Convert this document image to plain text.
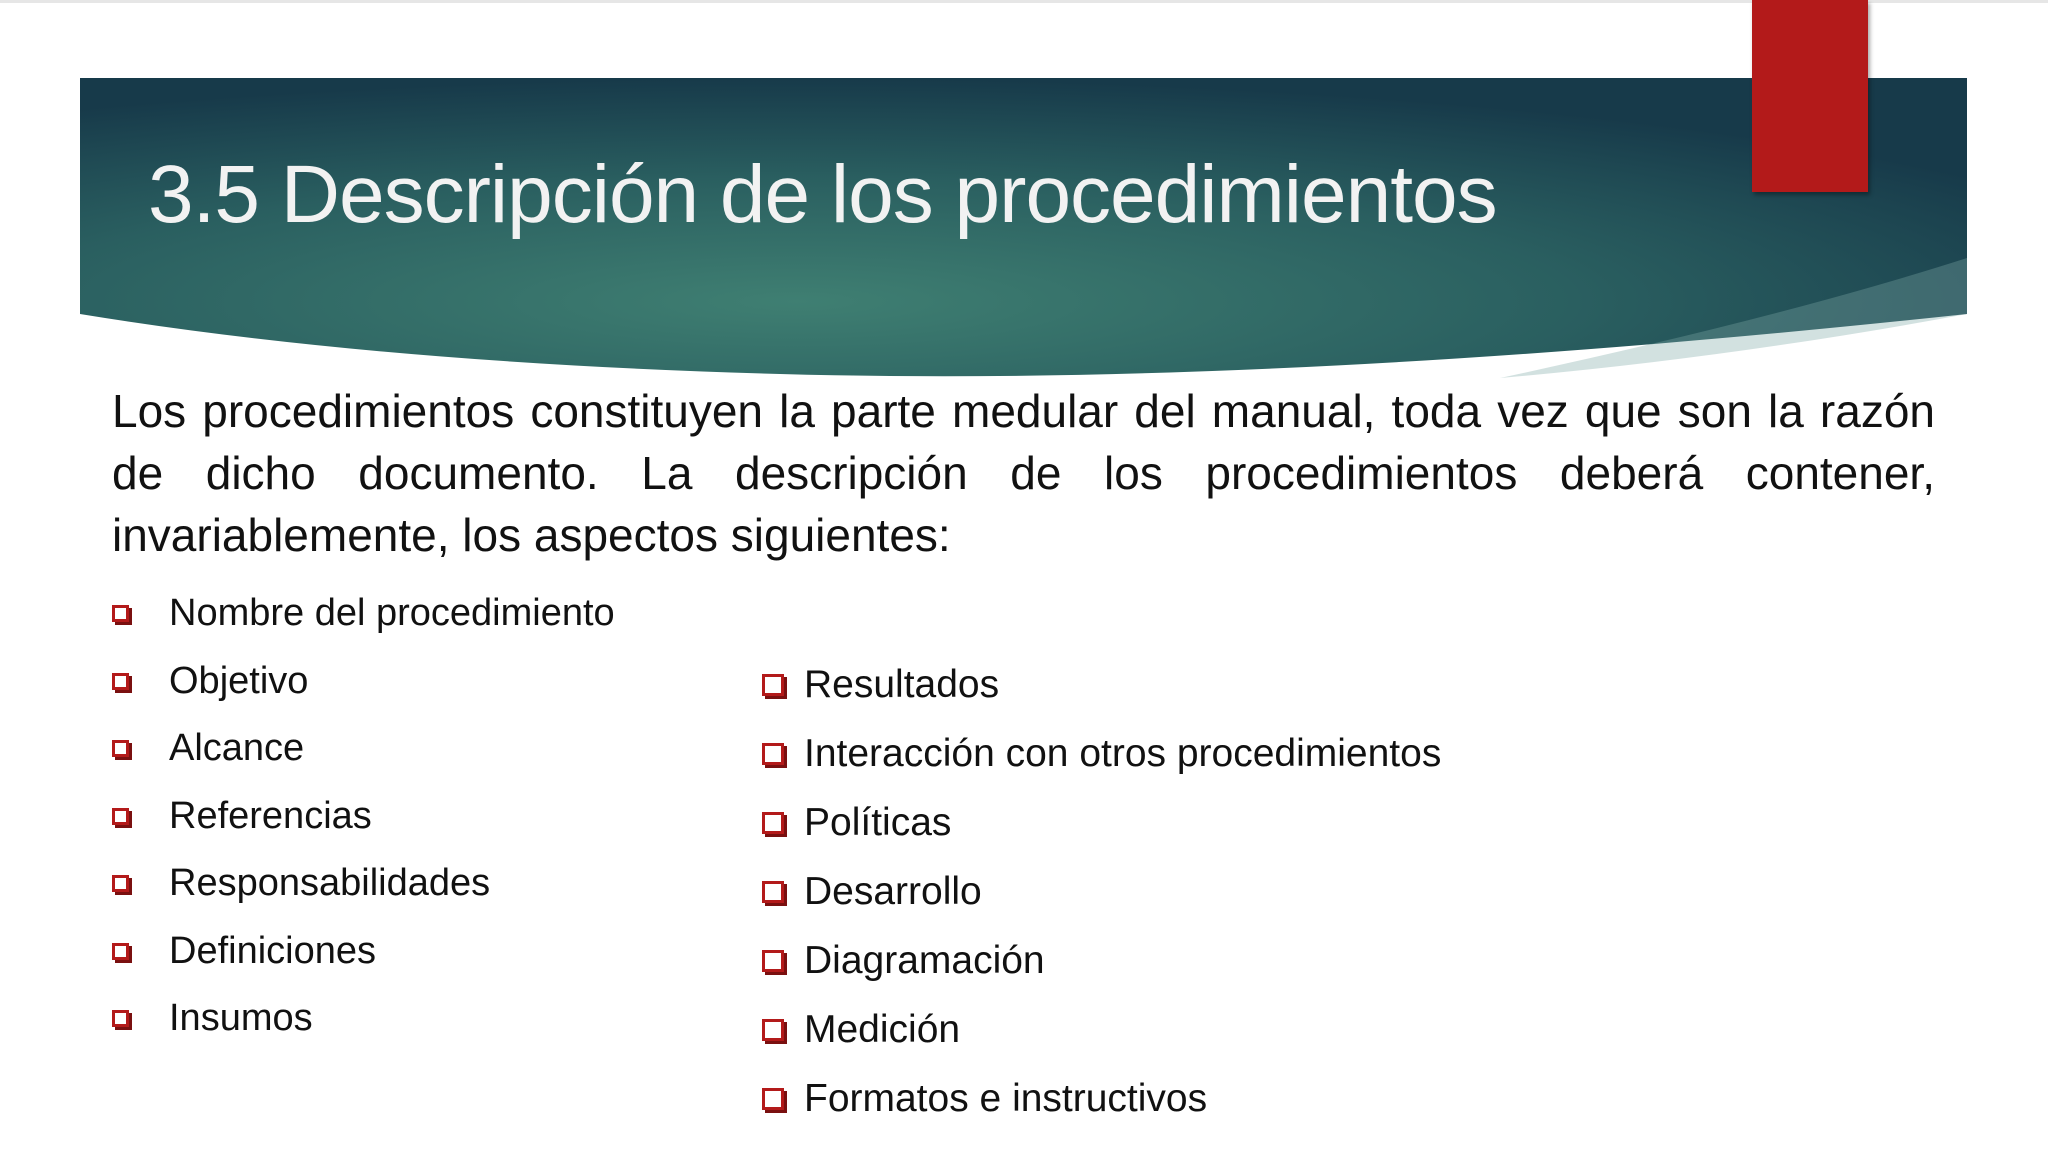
3.5 Descripción de los procedimientos

Los procedimientos constituyen la parte medular del manual, toda vez que son la razón de dicho documento. La descripción de los procedimientos deberá contener, invariablemente, los aspectos siguientes:

Nombre del procedimiento
Objetivo
Alcance
Referencias
Responsabilidades
Definiciones
Insumos
Resultados
Interacción con otros procedimientos
Políticas
Desarrollo
Diagramación
Medición
Formatos e instructivos
